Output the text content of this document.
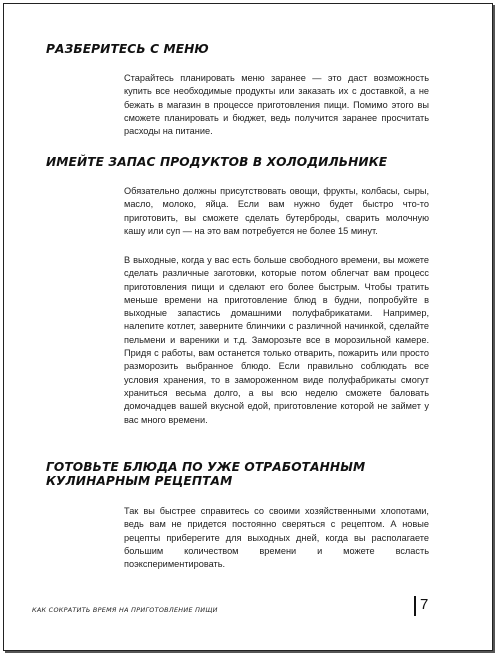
РАЗБЕРИТЕСЬ С МЕНЮ

Старайтесь планировать меню заранее — это даст возможность купить все необходимые продукты или заказать их с доставкой, а не бежать в магазин в процессе приготовления пищи. Помимо этого вы сможете планировать и бюджет, ведь получится заранее просчитать расходы на питание.

ИМЕЙТЕ ЗАПАС ПРОДУКТОВ В ХОЛОДИЛЬНИКЕ

Обязательно должны присутствовать овощи, фрукты, колбасы, сыры, масло, молоко, яйца. Если вам нужно будет быстро что-то приготовить, вы сможете сделать бутерброды, сварить молочную кашу или суп — на это вам потребуется не более 15 минут.

В выходные, когда у вас есть больше свободного времени, вы можете сделать различные заготовки, которые потом облегчат вам процесс приготовления пищи и сделают его более быстрым. Чтобы тратить меньше времени на приготовление блюд в будни, попробуйте в выходные запастись домашними полуфабрикатами. Например, налепите котлет, заверните блинчики с различной начинкой, сделайте пельмени и вареники и т.д. Заморозьте все в морозильной камере. Придя с работы, вам останется только отварить, пожарить или просто разморозить выбранное блюдо. Если правильно соблюдать все условия хранения, то в замороженном виде полуфабрикаты смогут храниться весьма долго, а вы всю неделю сможете баловать домочадцев вашей вкусной едой, приготовление которой не займет у вас много времени.

ГОТОВЬТЕ БЛЮДА ПО УЖЕ ОТРАБОТАННЫМ
КУЛИНАРНЫМ РЕЦЕПТАМ

Так вы быстрее справитесь со своими хозяйственными хлопотами, ведь вам не придется постоянно сверяться с рецептом. А новые рецепты приберегите для выходных дней, когда вы располагаете большим количеством времени и можете всласть поэкспериментировать.

КАК СОКРАТИТЬ ВРЕМЯ НА ПРИГОТОВЛЕНИЕ ПИЩИ	7
